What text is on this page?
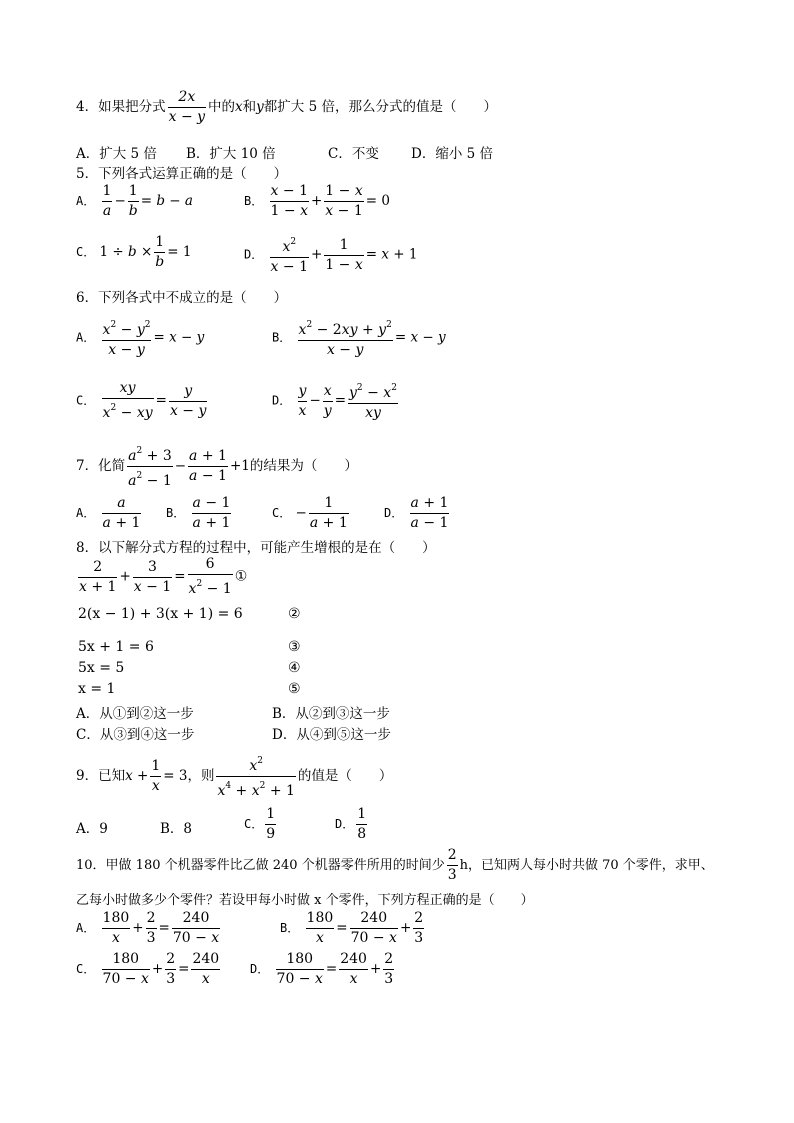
4．如果把分式 $\frac{2x}{x - y}$ 中的x和y都扩大 5 倍，那么分式的值是（　　）
A．扩大 5 倍 B．扩大 10 倍	C．不变 D．缩小 5 倍
5．下列各式运算正确的是（　　）
A． $\frac{1}{a} - \frac{1}{b} = b - a$	B． $\frac{x - 1}{1 - x} + \frac{1 - x}{x - 1} = 0$
C． $1 \div b \times \frac{1}{b} = 1$	D． $\frac{x^2}{x - 1} + \frac{1}{1 - x} = x + 1$
6．下列各式中不成立的是（　　）
A． $\frac{x^2 - y^2}{x - y} = x - y$	B． $\frac{x^2 - 2xy + y^2}{x - y} = x - y$
C． $\frac{xy}{x^2 - xy} = \frac{y}{x - y}$	D． $\frac{y}{x} - \frac{x}{y} = \frac{y^2 - x^2}{xy}$
7．化简 $\frac{a^2 + 3}{a^2 - 1} - \frac{a + 1}{a - 1} +1$的结果为（　　）
A． $\frac{a}{a + 1}$ B． $\frac{a - 1}{a + 1}$	C． − $\frac{1}{a + 1}$	D． $\frac{a + 1}{a - 1}$
8．以下解分式方程的过程中，可能产生增根的是在（　　）
$\frac{2}{x + 1} + \frac{3}{x - 1} = \frac{6}{x^2 - 1}$ ①
2(x − 1) + 3(x + 1) = 6	②
5x + 1 = 6	③
5x = 5	④
x = 1	⑤
A．从①到②这一步	B．从②到③这一步
C．从③到④这一步	D．从④到⑤这一步
9．已知$x + \frac{1}{x} = 3$，则 $\frac{x^2}{x^4 + x^2 + 1}$ 的值是（　　）
A．9	B．8	C． $\frac{1}{9}$	D． $\frac{1}{8}$
10．甲做 180 个机器零件比乙做 240 个机器零件所用的时间少 $\frac{2}{3}$ h，已知两人每小时共做 70 个零件，求甲、
乙每小时做多少个零件？若设甲每小时做 x 个零件，下列方程正确的是（　　）
A． $\frac{180}{x} + \frac{2}{3} = \frac{240}{70 - x}$	B． $\frac{180}{x} = \frac{240}{70 - x} + \frac{2}{3}$
C． $\frac{180}{70 - x} + \frac{2}{3} = \frac{240}{x}$ D． $\frac{180}{70 - x} = \frac{240}{x} + \frac{2}{3}$
